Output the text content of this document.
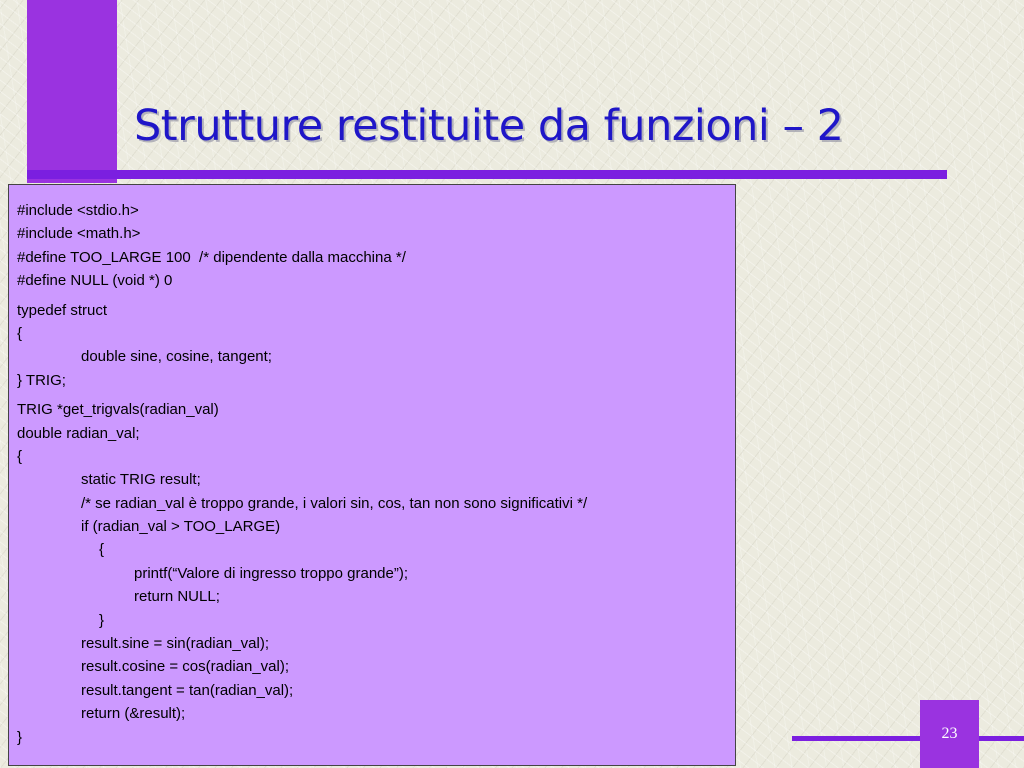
Strutture restituite da funzioni – 2
#include <stdio.h>
#include <math.h>
#define TOO_LARGE 100  /* dipendente dalla macchina */
#define NULL (void *) 0
typedef struct
{
double sine, cosine, tangent;
} TRIG;
TRIG *get_trigvals(radian_val)
double radian_val;
{
static TRIG result;
/* se radian_val è troppo grande, i valori sin, cos, tan non sono significativi */
if (radian_val > TOO_LARGE)
{
printf(“Valore di ingresso troppo grande”);
return NULL;
}
result.sine = sin(radian_val);
result.cosine = cos(radian_val);
result.tangent = tan(radian_val);
return (&result);
}	23
